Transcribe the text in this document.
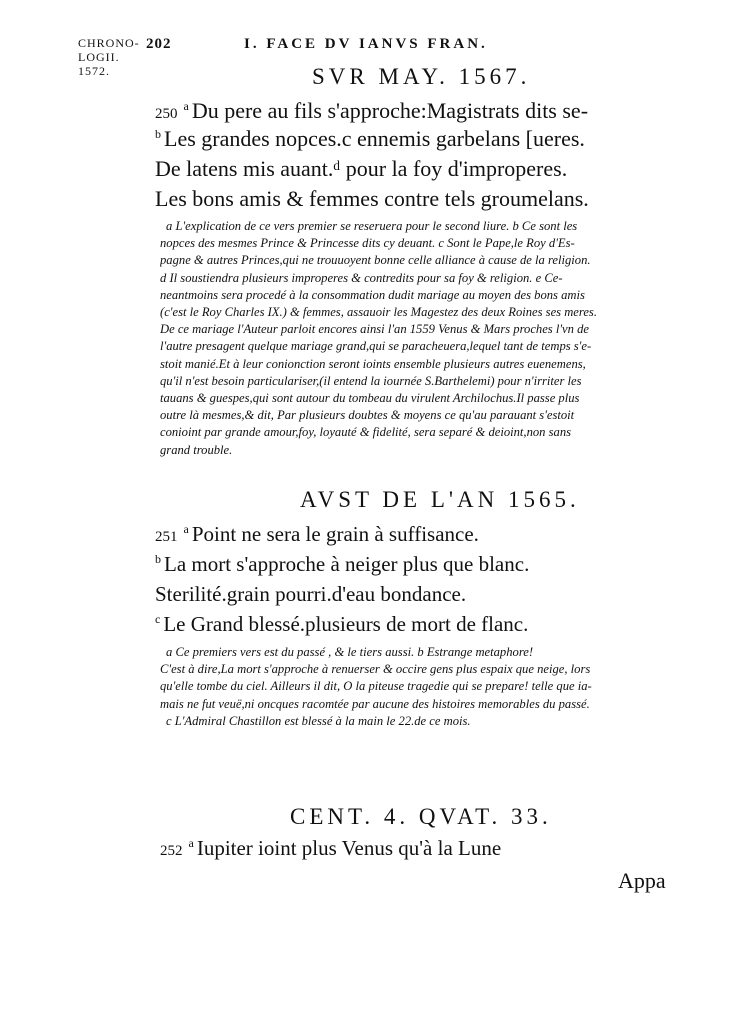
CHRONO-
LOGII.
1572.
202	I. FACE DV IANVS FRAN.
SVR MAY. 1567.
250$^a$ Du pere au fils s'approche:Magistrats dits se-
$^b$ Les grandes nopces.c ennemis garbelans [ueres.
De latens mis auant.ᵈ pour la foy d'improperes.
Les bons amis & femmes contre tels groumelans.
a L'explication de ce vers premier se reseruera pour le second liure. b Ce sont les
nopces des mesmes Prince & Princesse dits cy deuant. c Sont le Pape,le Roy d'Es-
pagne & autres Princes,qui ne trouuoyent bonne celle alliance à cause de la religion.
d Il soustiendra plusieurs improperes & contredits pour sa foy & religion. e Ce-
neantmoins sera procedé à la consommation dudit mariage au moyen des bons amis
(c'est le Roy Charles IX.) & femmes, assauoir les Magestez des deux Roines ses meres.
De ce mariage l'Auteur parloit encores ainsi l'an 1559 Venus & Mars proches l'vn de
l'autre presagent quelque mariage grand,qui se paracheuera,lequel tant de temps s'e-
stoit manié.Et à leur conionction seront ioints ensemble plusieurs autres euenemens,
qu'il n'est besoin particulariser,(il entend la iournée S.Barthelemi) pour n'irriter les
tauans & guespes,qui sont autour du tombeau du virulent Archilochus.Il passe plus
outre là mesmes,& dit, Par plusieurs doubtes & moyens ce qu'au parauant s'estoit
conioint par grande amour,foy, loyauté & fidelité, sera separé & deioint,non sans
grand trouble.
AVST DE L'AN 1565.
251 $^a$ Point ne sera le grain à suffisance.
$^b$ La mort s'approche à neiger plus que blanc.
Sterilité.grain pourri.d'eau bondance.
$^c$ Le Grand blessé.plusieurs de mort de flanc.
a Ce premiers vers est du passé , & le tiers aussi. b Estrange metaphore!
C'est à dire,La mort s'approche à renuerser & occire gens plus espaix que neige, lors
qu'elle tombe du ciel. Ailleurs il dit, O la piteuse tragedie qui se prepare! telle que ia-
mais ne fut veuë,ni oncques racomtée par aucune des histoires memorables du passé.
c L'Admiral Chastillon est blessé à la main le 22.de ce mois.
CENT. 4. QVAT. 33.
252 $^a$ Iupiter ioint plus Venus qu'à la Lune
Appa
